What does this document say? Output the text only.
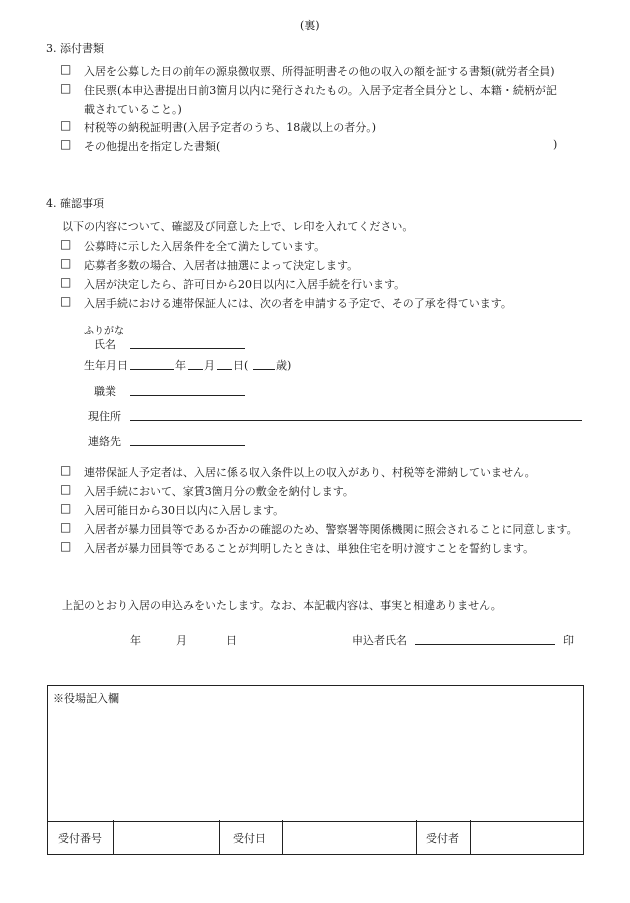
(裏)
3. 添付書類
□ 入居を公募した日の前年の源泉徴収票、所得証明書その他の収入の額を証する書類(就労者全員)
□ 住民票(本申込書提出日前3箇月以内に発行されたもの。入居予定者全員分とし、本籍・続柄が記
載されていること。)
□ 村税等の納税証明書(入居予定者のうち、18歳以上の者分。)
□ その他提出を指定した書類(	)
4. 確認事項
以下の内容について、確認及び同意した上で、レ印を入れてください。
□ 公募時に示した入居条件を全て満たしています。
□ 応募者多数の場合、入居者は抽選によって決定します。
□ 入居が決定したら、許可日から20日以内に入居手続を行います。
□ 入居手続における連帯保証人には、次の者を申請する予定で、その了承を得ています。
ふりがな
氏名
生年月日	年 月 日(	歳)
職業
現住所
連絡先
□ 連帯保証人予定者は、入居に係る収入条件以上の収入があり、村税等を滞納していません。
□ 入居手続において、家賃3箇月分の敷金を納付します。
□ 入居可能日から30日以内に入居します。
□ 入居者が暴力団員等であるか否かの確認のため、警察署等関係機関に照会されることに同意します。
□ 入居者が暴力団員等であることが判明したときは、単独住宅を明け渡すことを誓約します。
上記のとおり入居の申込みをいたします。なお、本記載内容は、事実と相違ありません。
年	月	日	申込者氏名	印
※役場記入欄
受付番号	受付日	受付者
